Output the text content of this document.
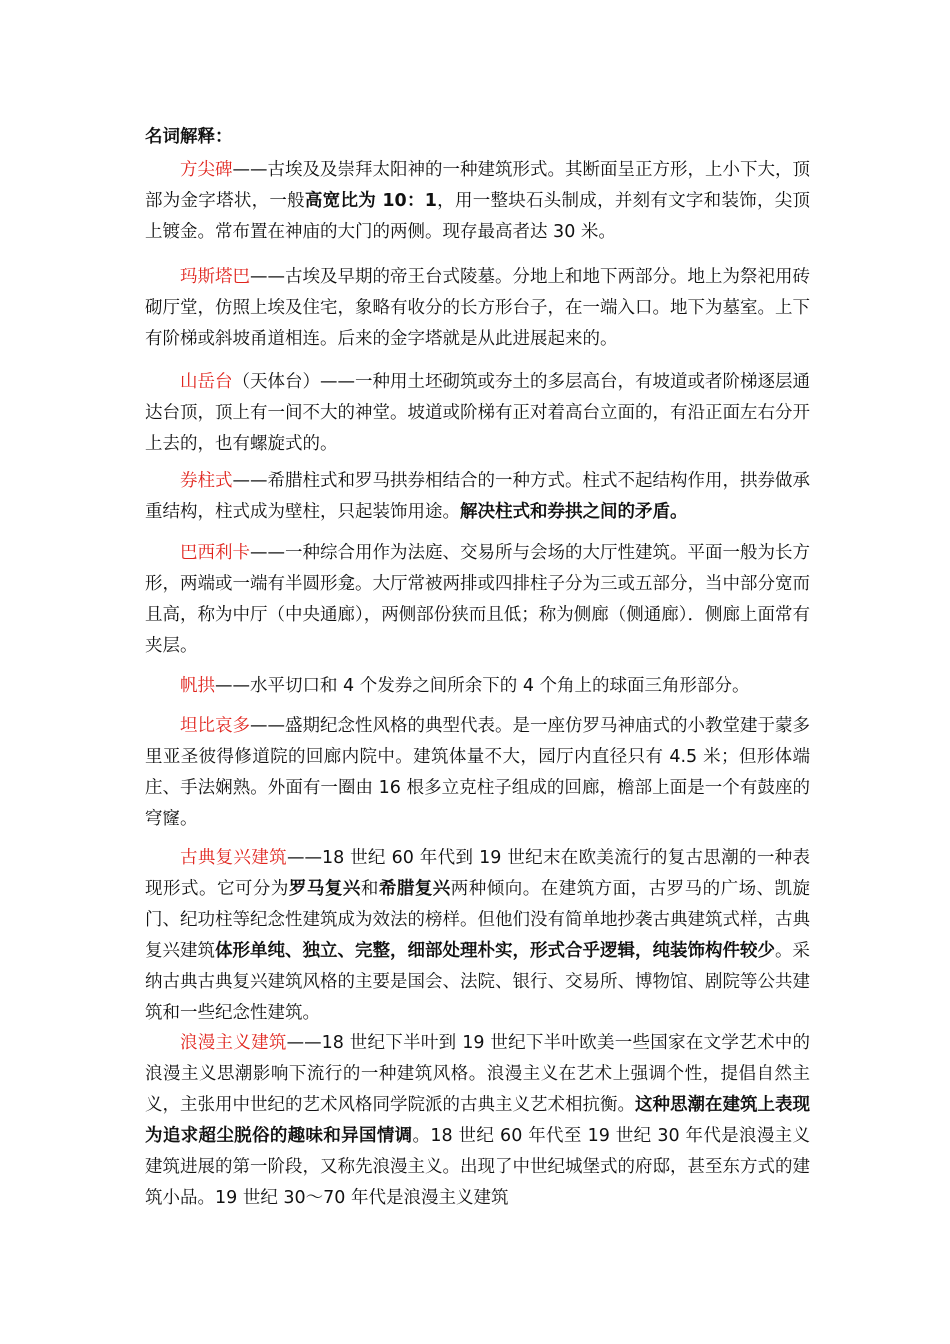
名词解释：

方尖碑——古埃及及崇拜太阳神的一种建筑形式。其断面呈正方形，上小下大，顶部为金字塔状，一般高宽比为 10：1，用一整块石头制成，并刻有文字和装饰，尖顶上镀金。常布置在神庙的大门的两侧。现存最高者达 30 米。

玛斯塔巴——古埃及早期的帝王台式陵墓。分地上和地下两部分。地上为祭祀用砖砌厅堂，仿照上埃及住宅，象略有收分的长方形台子，在一端入口。地下为墓室。上下有阶梯或斜坡甬道相连。后来的金字塔就是从此进展起来的。

山岳台（天体台）——一种用土坯砌筑或夯土的多层高台，有坡道或者阶梯逐层通达台顶，顶上有一间不大的神堂。坡道或阶梯有正对着高台立面的，有沿正面左右分开上去的，也有螺旋式的。

券柱式——希腊柱式和罗马拱券相结合的一种方式。柱式不起结构作用，拱券做承重结构，柱式成为壁柱，只起装饰用途。解决柱式和券拱之间的矛盾。

巴西利卡——一种综合用作为法庭、交易所与会场的大厅性建筑。平面一般为长方形，两端或一端有半圆形龛。大厅常被两排或四排柱子分为三或五部分，当中部分宽而且高，称为中厅（中央通廊），两侧部份狭而且低；称为侧廊（侧通廊）．侧廊上面常有夹层。

帆拱——水平切口和 4 个发券之间所余下的 4 个角上的球面三角形部分。

坦比哀多——盛期纪念性风格的典型代表。是一座仿罗马神庙式的小教堂建于蒙多里亚圣彼得修道院的回廊内院中。建筑体量不大，园厅内直径只有 4.5 米；但形体端庄、手法娴熟。外面有一圈由 16 根多立克柱子组成的回廊，檐部上面是一个有鼓座的穹窿。

古典复兴建筑——18 世纪 60 年代到 19 世纪末在欧美流行的复古思潮的一种表现形式。它可分为罗马复兴和希腊复兴两种倾向。在建筑方面，古罗马的广场、凯旋门、纪功柱等纪念性建筑成为效法的榜样。但他们没有简单地抄袭古典建筑式样，古典复兴建筑体形单纯、独立、完整，细部处理朴实，形式合乎逻辑，纯装饰构件较少。采纳古典古典复兴建筑风格的主要是国会、法院、银行、交易所、博物馆、剧院等公共建筑和一些纪念性建筑。

浪漫主义建筑——18 世纪下半叶到 19 世纪下半叶欧美一些国家在文学艺术中的浪漫主义思潮影响下流行的一种建筑风格。浪漫主义在艺术上强调个性，提倡自然主义，主张用中世纪的艺术风格同学院派的古典主义艺术相抗衡。这种思潮在建筑上表现为追求超尘脱俗的趣味和异国情调。18 世纪 60 年代至 19 世纪 30 年代是浪漫主义建筑进展的第一阶段，又称先浪漫主义。出现了中世纪城堡式的府邸，甚至东方式的建筑小品。19 世纪 30～70 年代是浪漫主义建筑
